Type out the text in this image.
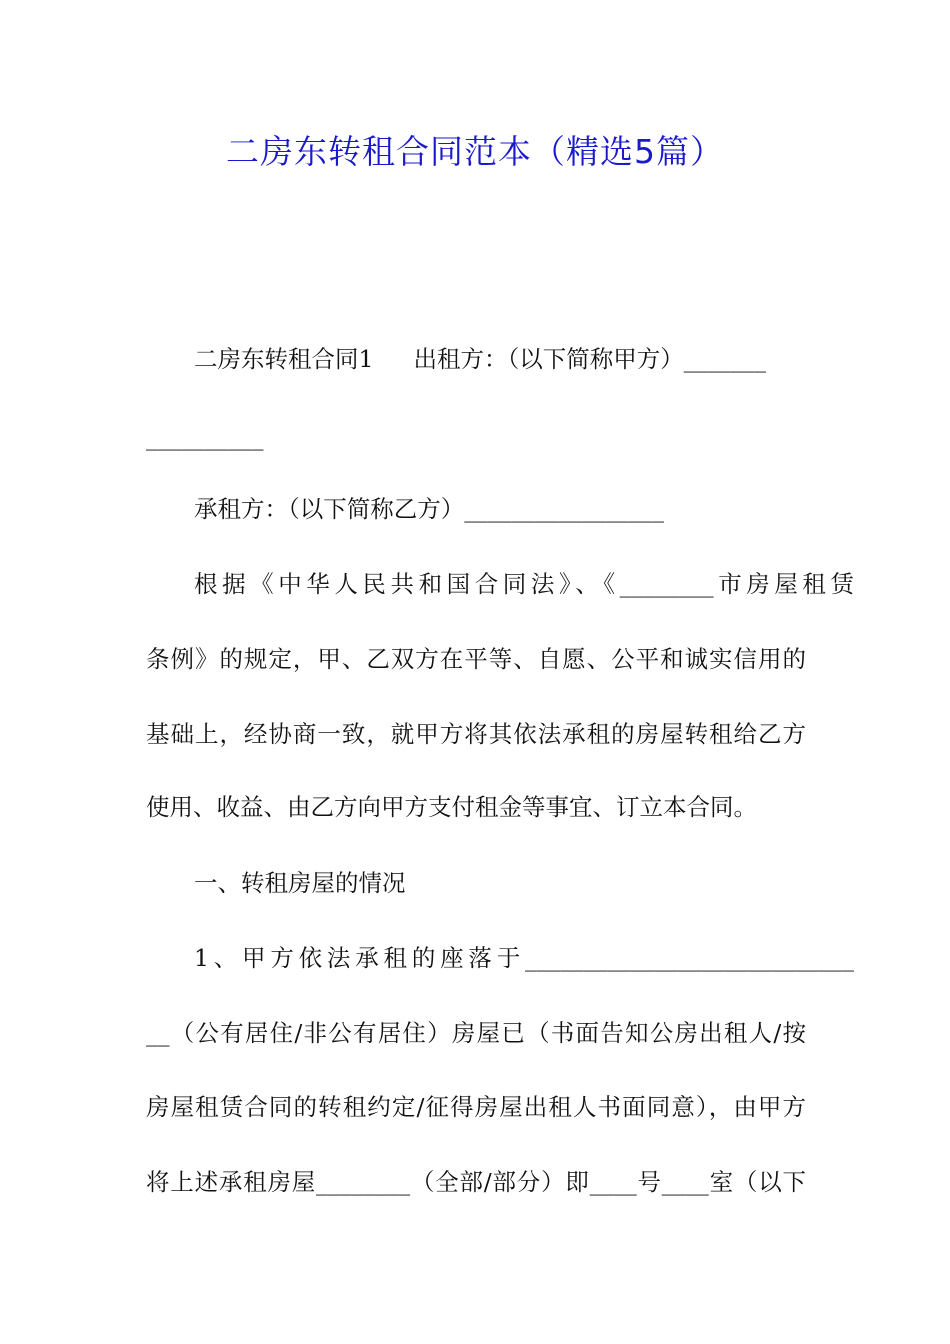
二房东转租合同范本（精选5篇）
二房东转租合同1 出租方：（以下简称甲方）_______
__________
承租方：（以下简称乙方）_________________
根据《中华人民共和国合同法》、《________市房屋租赁
条例》的规定，甲、乙双方在平等、自愿、公平和诚实信用的
基础上，经协商一致，就甲方将其依法承租的房屋转租给乙方
使用、收益、由乙方向甲方支付租金等事宜、订立本合同。
一、转租房屋的情况
1、甲方依法承租的座落于____________________________
__（公有居住/非公有居住）房屋已（书面告知公房出租人/按
房屋租赁合同的转租约定/征得房屋出租人书面同意），由甲方
将上述承租房屋________（全部/部分）即____号____室（以下
